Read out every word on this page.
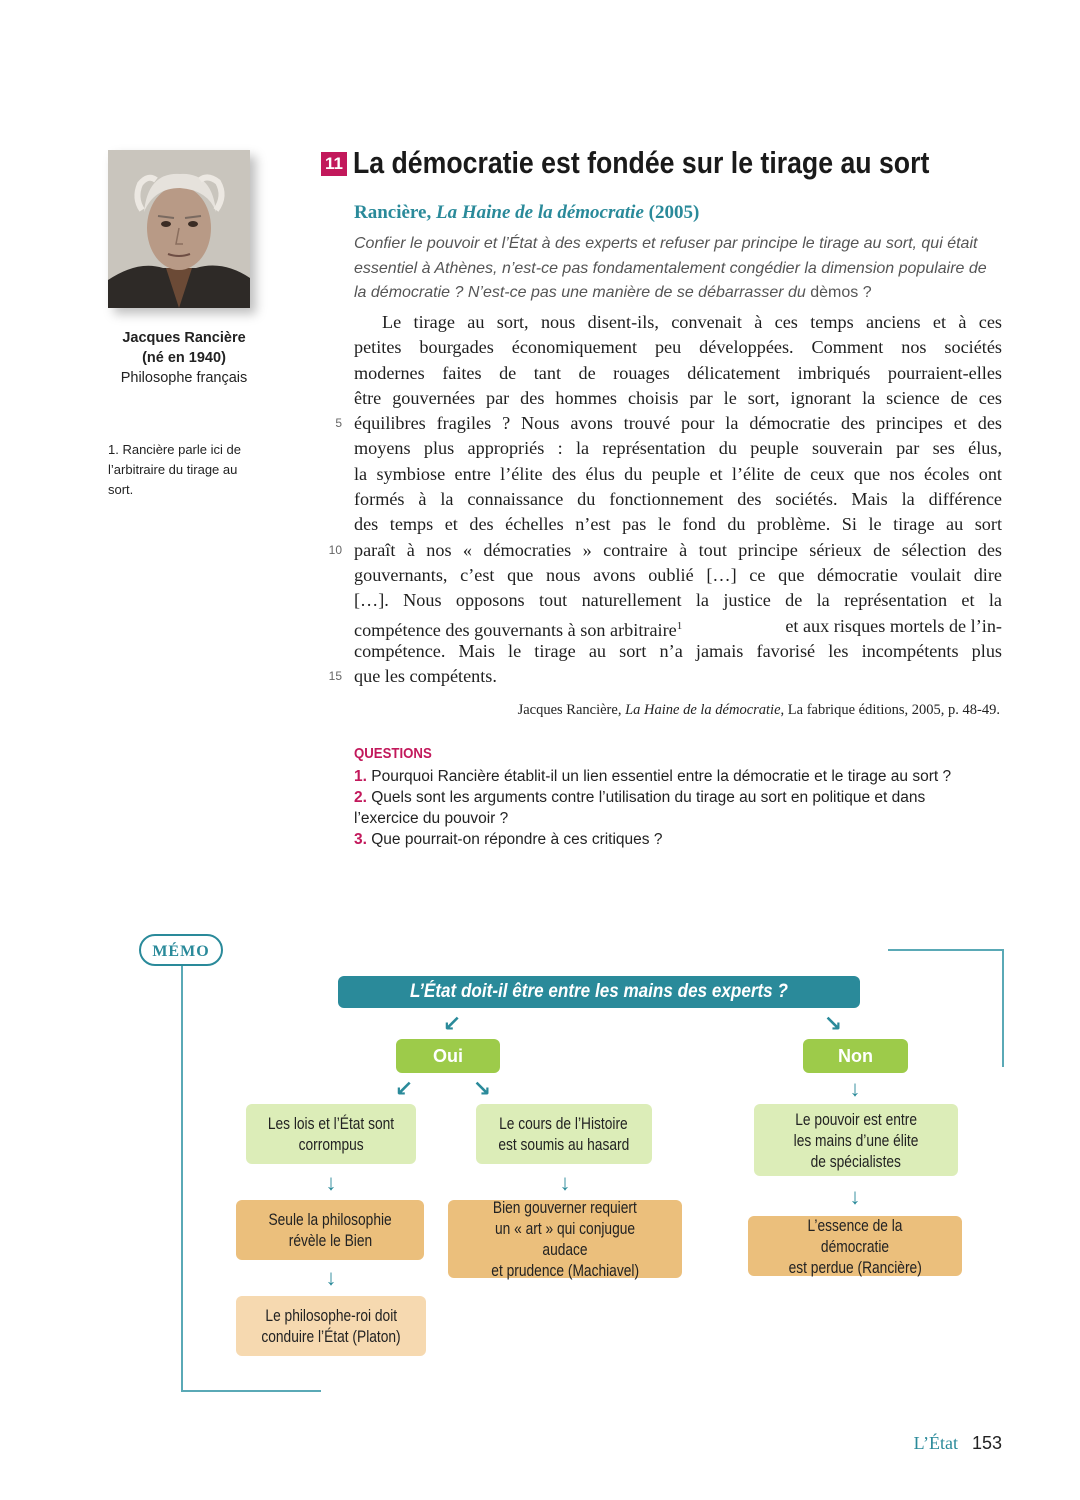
Jacques Rancière
(né en 1940)
Philosophe français
1. Rancière parle ici de l’arbitraire du tirage au sort.
11 La démocratie est fondée sur le tirage au sort
Rancière, La Haine de la démocratie (2005)
Confier le pouvoir et l’État à des experts et refuser par principe le tirage au sort, qui était
essentiel à Athènes, n’est-ce pas fondamentalement congédier la dimension populaire de
la démocratie ? N’est-ce pas une manière de se débarrasser du dèmos ?
Le tirage au sort, nous disent-ils, convenait à ces temps anciens et à ces
petites bourgades économiquement peu développées. Comment nos sociétés
modernes faites de tant de rouages délicatement imbriqués pourraient-elles
être gouvernées par des hommes choisis par le sort, ignorant la science de ces
équilibres fragiles ? Nous avons trouvé pour la démocratie des principes et des
moyens plus appropriés : la représentation du peuple souverain par ses élus,
la symbiose entre l’élite des élus du peuple et l’élite de ceux que nos écoles ont
formés à la connaissance du fonctionnement des sociétés. Mais la différence
des temps et des échelles n’est pas le fond du problème. Si le tirage au sort
paraît à nos « démocraties » contraire à tout principe sérieux de sélection des
gouvernants, c’est que nous avons oublié […] ce que démocratie voulait dire
[…]. Nous opposons tout naturellement la justice de la représentation et la
compétence des gouvernants à son arbitraire$^1$	et aux risques mortels de l’in-
compétence. Mais le tirage au sort n’a jamais favorisé les incompétents plus
que les compétents.
5
10
15
Jacques Rancière, La Haine de la démocratie, La fabrique éditions, 2005, p. 48-49.
QUESTIONS
1. Pourquoi Rancière établit-il un lien essentiel entre la démocratie et le tirage au sort ?
2. Quels sont les arguments contre l’utilisation du tirage au sort en politique et dans
l’exercice du pouvoir ?
3. Que pourrait-on répondre à ces critiques ?
MÉMO
L’État doit-il être entre les mains des experts ?
↙	↘
Oui	Non
↙	↘	↓
Les lois et l’État sont
corrompus
Le cours de l’Histoire
est soumis au hasard
Le pouvoir est entre
les mains d’une élite
de spécialistes
↓	↓
↓
Seule la philosophie
révèle le Bien
Bien gouverner requiert
un « art » qui conjugue audace
et prudence (Machiavel)
L’essence de la démocratie
est perdue (Rancière)
↓
Le philosophe-roi doit
conduire l’État (Platon)
L’État 153
